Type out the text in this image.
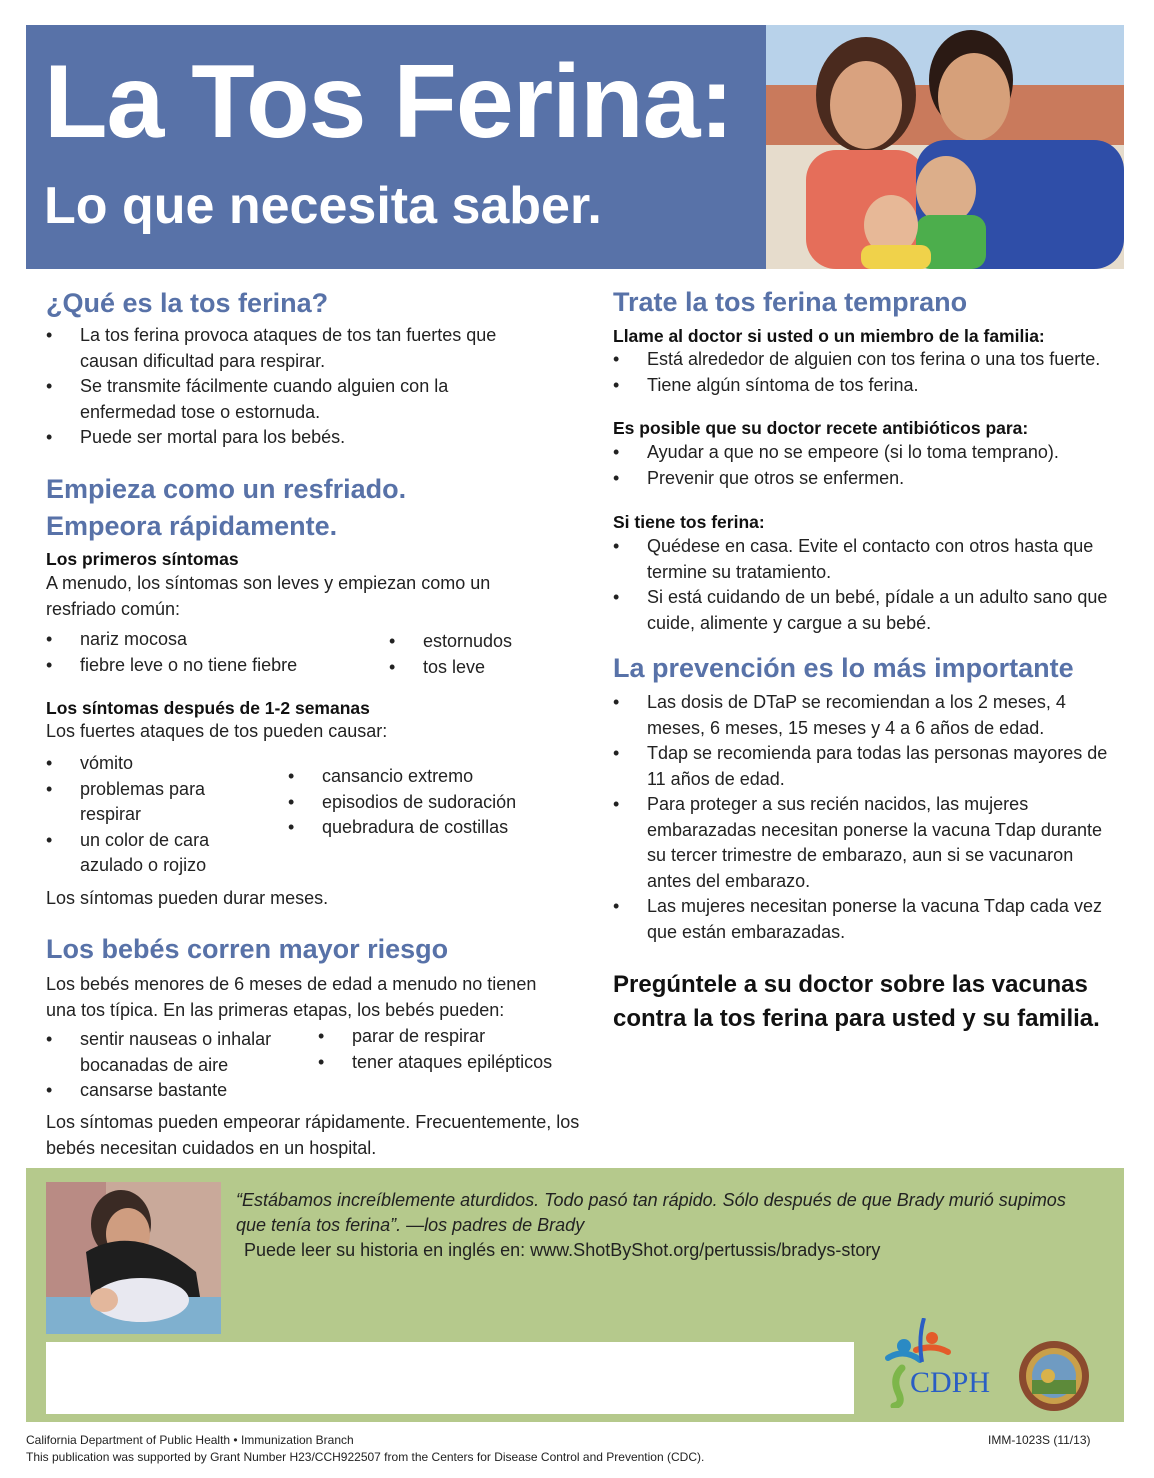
La Tos Ferina:
Lo que necesita saber.
¿Qué es la tos ferina?
• La tos ferina provoca ataques de tos tan fuertes que causan dificultad para respirar.
• Se transmite fácilmente cuando alguien con la enfermedad tose o estornuda.
• Puede ser mortal para los bebés.
Empieza como un resfriado.
Empeora rápidamente.
Los primeros síntomas

A menudo, los síntomas son leves y empiezan como un resfriado común:

• nariz mocosa
• fiebre leve o no tiene fiebre
• estornudos
• tos leve
Los síntomas después de 1-2 semanas

Los fuertes ataques de tos pueden causar:

• vómito
• problemas para respirar
• un color de cara azulado o rojizo
• cansancio extremo
• episodios de sudoración
• quebradura de costillas

Los síntomas pueden durar meses.

Los bebés corren mayor riesgo

Los bebés menores de 6 meses de edad a menudo no tienen una tos típica. En las primeras etapas, los bebés pueden:

• sentir nauseas o inhalar bocanadas de aire
• cansarse bastante
• parar de respirar
• tener ataques epilépticos

Los síntomas pueden empeorar rápidamente. Frecuentemente, los bebés necesitan cuidados en un hospital.

Trate la tos ferina temprano
Llame al doctor si usted o un miembro de la familia:
• Está alrededor de alguien con tos ferina o una tos fuerte.
• Tiene algún síntoma de tos ferina.
Es posible que su doctor recete antibióticos para:
• Ayudar a que no se empeore (si lo toma temprano).
• Prevenir que otros se enfermen.
Si tiene tos ferina:
• Quédese en casa. Evite el contacto con otros hasta que termine su tratamiento.
• Si está cuidando de un bebé, pídale a un adulto sano que cuide, alimente y cargue a su bebé.
La prevención es lo más importante
• Las dosis de DTaP se recomiendan a los 2 meses, 4 meses, 6 meses, 15 meses y 4 a 6 años de edad.
• Tdap se recomienda para todas las personas mayores de 11 años de edad.
• Para proteger a sus recién nacidos, las mujeres embarazadas necesitan ponerse la vacuna Tdap durante su tercer trimestre de embarazo, aun si se vacunaron antes del embarazo.
• Las mujeres necesitan ponerse la vacuna Tdap cada vez que están embarazadas.
Pregúntele a su doctor sobre las vacunas contra la tos ferina para usted y su familia.
“Estábamos increíblemente aturdidos. Todo pasó tan rápido. Sólo después de que Brady murió supimos que tenía tos ferina”. —los padres de Brady
Puede leer su historia en inglés en: www.ShotByShot.org/pertussis/bradys-story
CDPH
California Department of Public Health • Immunization Branch
This publication was supported by Grant Number H23/CCH922507 from the Centers for Disease Control and Prevention (CDC).
IMM-1023S (11/13)
